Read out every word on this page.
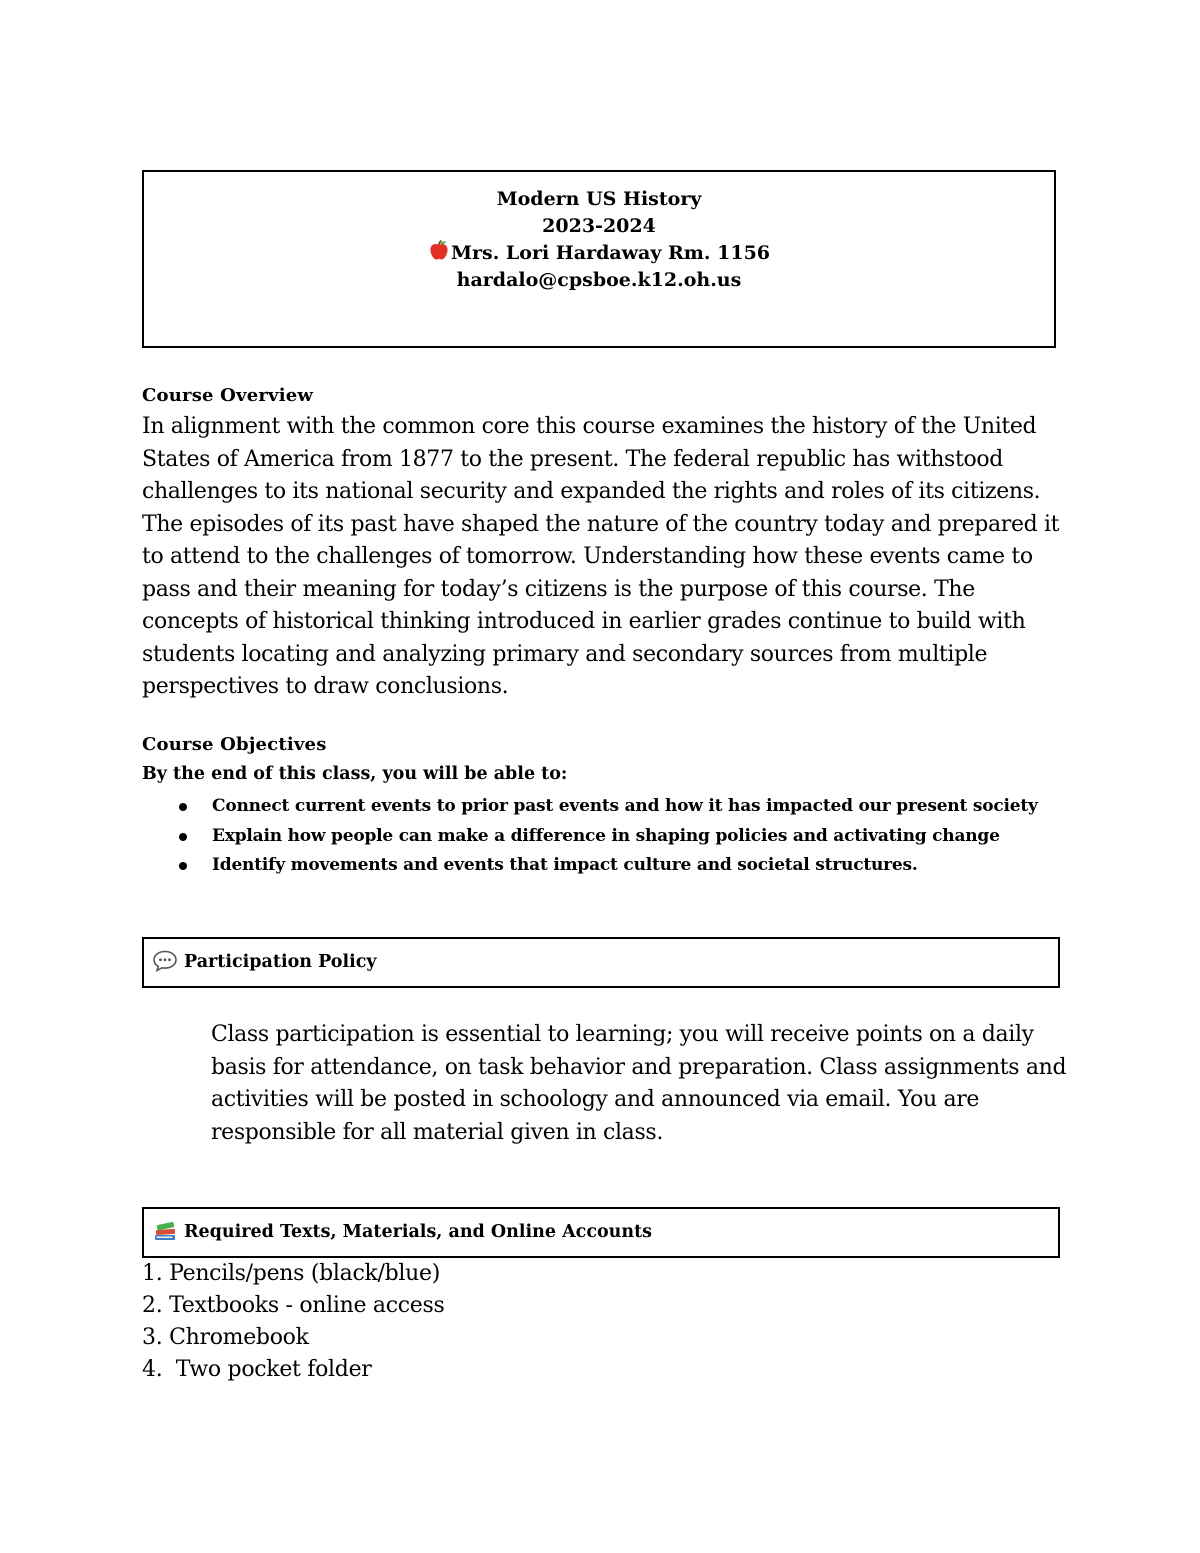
Modern US History
2023-2024
Mrs. Lori Hardaway Rm. 1156
hardalo@cpsboe.k12.oh.us
Course Overview
In alignment with the common core this course examines the history of the United States of America from 1877 to the present. The federal republic has withstood challenges to its national security and expanded the rights and roles of its citizens. The episodes of its past have shaped the nature of the country today and prepared it to attend to the challenges of tomorrow. Understanding how these events came to pass and their meaning for today’s citizens is the purpose of this course. The concepts of historical thinking introduced in earlier grades continue to build with students locating and analyzing primary and secondary sources from multiple perspectives to draw conclusions.
Course Objectives
By the end of this class, you will be able to:
Connect current events to prior past events and how it has impacted our present society
Explain how people can make a difference in shaping policies and activating change
Identify movements and events that impact culture and societal structures.
Participation Policy
Class participation is essential to learning; you will receive points on a daily basis for attendance, on task behavior and preparation. Class assignments and activities will be posted in schoology and announced via email. You are responsible for all material given in class.
Required Texts, Materials, and Online Accounts
1. Pencils/pens (black/blue)
2. Textbooks - online access
3. Chromebook
4.  Two pocket folder
